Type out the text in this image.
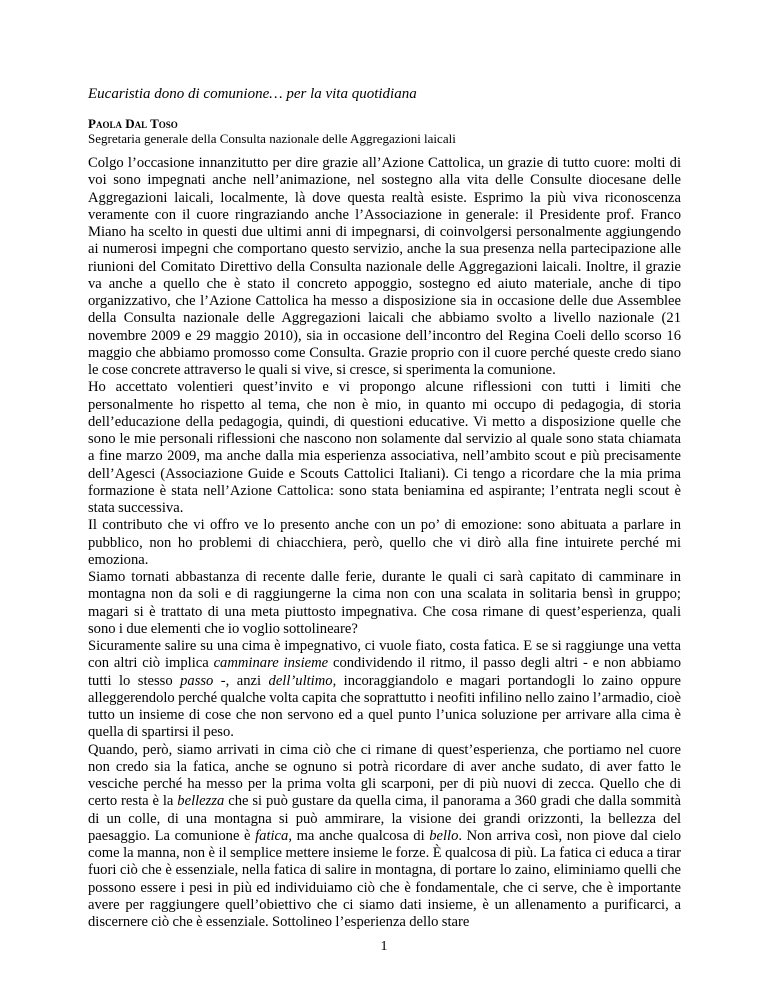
Eucaristia dono di comunione… per la vita quotidiana
Paola Dal Toso
Segretaria generale della Consulta nazionale delle Aggregazioni laicali

Colgo l’occasione innanzitutto per dire grazie all’Azione Cattolica, un grazie di tutto cuore: molti di voi sono impegnati anche nell’animazione, nel sostegno alla vita delle Consulte diocesane delle Aggregazioni laicali, localmente, là dove questa realtà esiste. Esprimo la più viva riconoscenza veramente con il cuore ringraziando anche l’Associazione in generale: il Presidente prof. Franco Miano ha scelto in questi due ultimi anni di impegnarsi, di coinvolgersi personalmente aggiungendo ai numerosi impegni che comportano questo servizio, anche la sua presenza nella partecipazione alle riunioni del Comitato Direttivo della Consulta nazionale delle Aggregazioni laicali. Inoltre, il grazie va anche a quello che è stato il concreto appoggio, sostegno ed aiuto materiale, anche di tipo organizzativo, che l’Azione Cattolica ha messo a disposizione sia in occasione delle due Assemblee della Consulta nazionale delle Aggregazioni laicali che abbiamo svolto a livello nazionale (21 novembre 2009 e 29 maggio 2010), sia in occasione dell’incontro del Regina Coeli dello scorso 16 maggio che abbiamo promosso come Consulta. Grazie proprio con il cuore perché queste credo siano le cose concrete attraverso le quali si vive, si cresce, si sperimenta la comunione.

Ho accettato volentieri quest’invito e vi propongo alcune riflessioni con tutti i limiti che personalmente ho rispetto al tema, che non è mio, in quanto mi occupo di pedagogia, di storia dell’educazione della pedagogia, quindi, di questioni educative. Vi metto a disposizione quelle che sono le mie personali riflessioni che nascono non solamente dal servizio al quale sono stata chiamata a fine marzo 2009, ma anche dalla mia esperienza associativa, nell’ambito scout e più precisamente dell’Agesci (Associazione Guide e Scouts Cattolici Italiani). Ci tengo a ricordare che la mia prima formazione è stata nell’Azione Cattolica: sono stata beniamina ed aspirante; l’entrata negli scout è stata successiva.

Il contributo che vi offro ve lo presento anche con un po’ di emozione: sono abituata a parlare in pubblico, non ho problemi di chiacchiera, però, quello che vi dirò alla fine intuirete perché mi emoziona.

Siamo tornati abbastanza di recente dalle ferie, durante le quali ci sarà capitato di camminare in montagna non da soli e di raggiungerne la cima non con una scalata in solitaria bensì in gruppo; magari si è trattato di una meta piuttosto impegnativa. Che cosa rimane di quest’esperienza, quali sono i due elementi che io voglio sottolineare?

Sicuramente salire su una cima è impegnativo, ci vuole fiato, costa fatica. E se si raggiunge una vetta con altri ciò implica camminare insieme condividendo il ritmo, il passo degli altri - e non abbiamo tutti lo stesso passo -, anzi dell’ultimo, incoraggiandolo e magari portandogli lo zaino oppure alleggerendolo perché qualche volta capita che soprattutto i neofiti infilino nello zaino l’armadio, cioè tutto un insieme di cose che non servono ed a quel punto l’unica soluzione per arrivare alla cima è quella di spartirsi il peso.

Quando, però, siamo arrivati in cima ciò che ci rimane di quest’esperienza, che portiamo nel cuore non credo sia la fatica, anche se ognuno si potrà ricordare di aver anche sudato, di aver fatto le vesciche perché ha messo per la prima volta gli scarponi, per di più nuovi di zecca. Quello che di certo resta è la bellezza che si può gustare da quella cima, il panorama a 360 gradi che dalla sommità di un colle, di una montagna si può ammirare, la visione dei grandi orizzonti, la bellezza del paesaggio. La comunione è fatica, ma anche qualcosa di bello. Non arriva così, non piove dal cielo come la manna, non è il semplice mettere insieme le forze. È qualcosa di più. La fatica ci educa a tirar fuori ciò che è essenziale, nella fatica di salire in montagna, di portare lo zaino, eliminiamo quelli che possono essere i pesi in più ed individuiamo ciò che è fondamentale, che ci serve, che è importante avere per raggiungere quell’obiettivo che ci siamo dati insieme, è un allenamento a purificarci, a discernere ciò che è essenziale. Sottolineo l’esperienza dello stare

1
